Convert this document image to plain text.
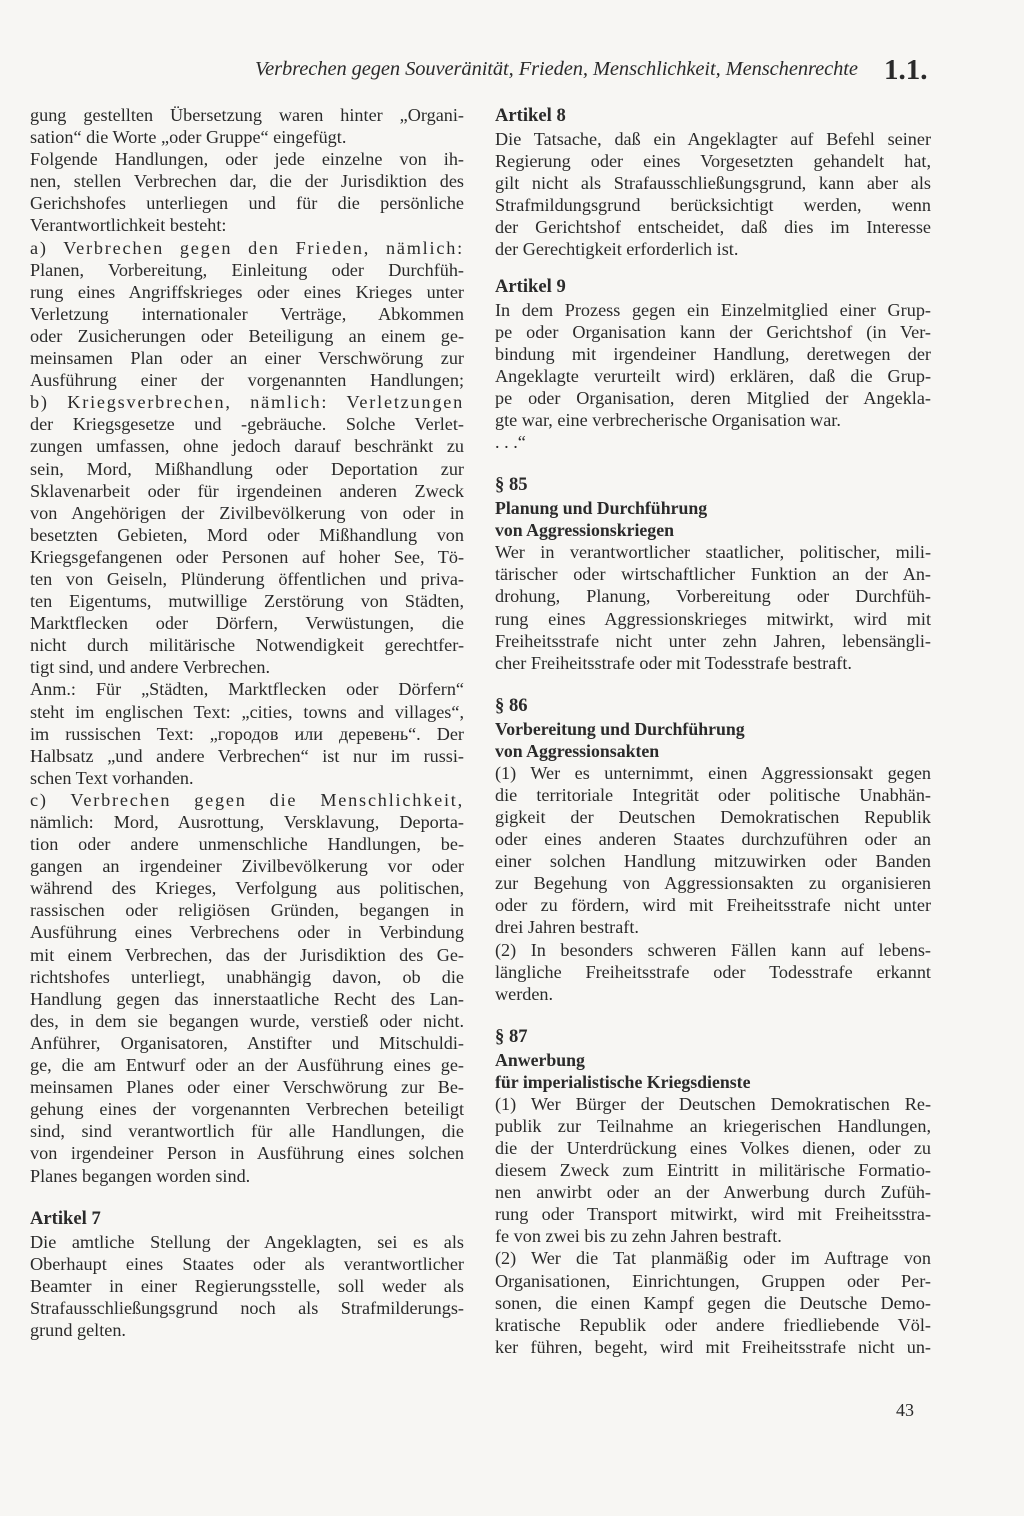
Verbrechen gegen Souveränität, Frieden, Menschlichkeit, Menschenrechte 1.1.
gung gestellten Übersetzung waren hinter „Organi-
sation“ die Worte „oder Gruppe“ eingefügt.
Folgende Handlungen, oder jede einzelne von ih-
nen, stellen Verbrechen dar, die der Jurisdiktion des
Gerichshofes unterliegen und für die persönliche
Verantwortlichkeit besteht:
a) Verbrechen gegen den Frieden, nämlich:
Planen, Vorbereitung, Einleitung oder Durchfüh-
rung eines Angriffskrieges oder eines Krieges unter
Verletzung internationaler Verträge, Abkommen
oder Zusicherungen oder Beteiligung an einem ge-
meinsamen Plan oder an einer Verschwörung zur
Ausführung einer der vorgenannten Handlungen;
b) Kriegsverbrechen, nämlich: Verletzungen
der Kriegsgesetze und -gebräuche. Solche Verlet-
zungen umfassen, ohne jedoch darauf beschränkt zu
sein, Mord, Mißhandlung oder Deportation zur
Sklavenarbeit oder für irgendeinen anderen Zweck
von Angehörigen der Zivilbevölkerung von oder in
besetzten Gebieten, Mord oder Mißhandlung von
Kriegsgefangenen oder Personen auf hoher See, Tö-
ten von Geiseln, Plünderung öffentlichen und priva-
ten Eigentums, mutwillige Zerstörung von Städten,
Marktflecken oder Dörfern, Verwüstungen, die
nicht durch militärische Notwendigkeit gerechtfer-
tigt sind, und andere Verbrechen.
Anm.: Für „Städten, Marktflecken oder Dörfern“
steht im englischen Text: „cities, towns and villages“,
im russischen Text: „городов или деревень“. Der
Halbsatz „und andere Verbrechen“ ist nur im russi-
schen Text vorhanden.
c) Verbrechen gegen die Menschlichkeit,
nämlich: Mord, Ausrottung, Versklavung, Deporta-
tion oder andere unmenschliche Handlungen, be-
gangen an irgendeiner Zivilbevölkerung vor oder
während des Krieges, Verfolgung aus politischen,
rassischen oder religiösen Gründen, begangen in
Ausführung eines Verbrechens oder in Verbindung
mit einem Verbrechen, das der Jurisdiktion des Ge-
richtshofes unterliegt, unabhängig davon, ob die
Handlung gegen das innerstaatliche Recht des Lan-
des, in dem sie begangen wurde, verstieß oder nicht.
Anführer, Organisatoren, Anstifter und Mitschuldi-
ge, die am Entwurf oder an der Ausführung eines ge-
meinsamen Planes oder einer Verschwörung zur Be-
gehung eines der vorgenannten Verbrechen beteiligt
sind, sind verantwortlich für alle Handlungen, die
von irgendeiner Person in Ausführung eines solchen
Planes begangen worden sind.
Artikel 7
Die amtliche Stellung der Angeklagten, sei es als
Oberhaupt eines Staates oder als verantwortlicher
Beamter in einer Regierungsstelle, soll weder als
Strafausschließungsgrund noch als Strafmilderungs-
grund gelten.
Artikel 8
Die Tatsache, daß ein Angeklagter auf Befehl seiner
Regierung oder eines Vorgesetzten gehandelt hat,
gilt nicht als Strafausschließungsgrund, kann aber als
Strafmildungsgrund berücksichtigt werden, wenn
der Gerichtshof entscheidet, daß dies im Interesse
der Gerechtigkeit erforderlich ist.
Artikel 9
In dem Prozess gegen ein Einzelmitglied einer Grup-
pe oder Organisation kann der Gerichtshof (in Ver-
bindung mit irgendeiner Handlung, deretwegen der
Angeklagte verurteilt wird) erklären, daß die Grup-
pe oder Organisation, deren Mitglied der Angekla-
gte war, eine verbrecherische Organisation war.
. . .“
§ 85
Planung und Durchführung
von Aggressionskriegen
Wer in verantwortlicher staatlicher, politischer, mili-
tärischer oder wirtschaftlicher Funktion an der An-
drohung, Planung, Vorbereitung oder Durchfüh-
rung eines Aggressionskrieges mitwirkt, wird mit
Freiheitsstrafe nicht unter zehn Jahren, lebensängli-
cher Freiheitsstrafe oder mit Todesstrafe bestraft.
§ 86
Vorbereitung und Durchführung
von Aggressionsakten
(1) Wer es unternimmt, einen Aggressionsakt gegen
die territoriale Integrität oder politische Unabhän-
gigkeit der Deutschen Demokratischen Republik
oder eines anderen Staates durchzuführen oder an
einer solchen Handlung mitzuwirken oder Banden
zur Begehung von Aggressionsakten zu organisieren
oder zu fördern, wird mit Freiheitsstrafe nicht unter
drei Jahren bestraft.
(2) In besonders schweren Fällen kann auf lebens-
längliche Freiheitsstrafe oder Todesstrafe erkannt
werden.
§ 87
Anwerbung
für imperialistische Kriegsdienste
(1) Wer Bürger der Deutschen Demokratischen Re-
publik zur Teilnahme an kriegerischen Handlungen,
die der Unterdrückung eines Volkes dienen, oder zu
diesem Zweck zum Eintritt in militärische Formatio-
nen anwirbt oder an der Anwerbung durch Zufüh-
rung oder Transport mitwirkt, wird mit Freiheitsstra-
fe von zwei bis zu zehn Jahren bestraft.
(2) Wer die Tat planmäßig oder im Auftrage von
Organisationen, Einrichtungen, Gruppen oder Per-
sonen, die einen Kampf gegen die Deutsche Demo-
kratische Republik oder andere friedliebende Völ-
ker führen, begeht, wird mit Freiheitsstrafe nicht un-
43
